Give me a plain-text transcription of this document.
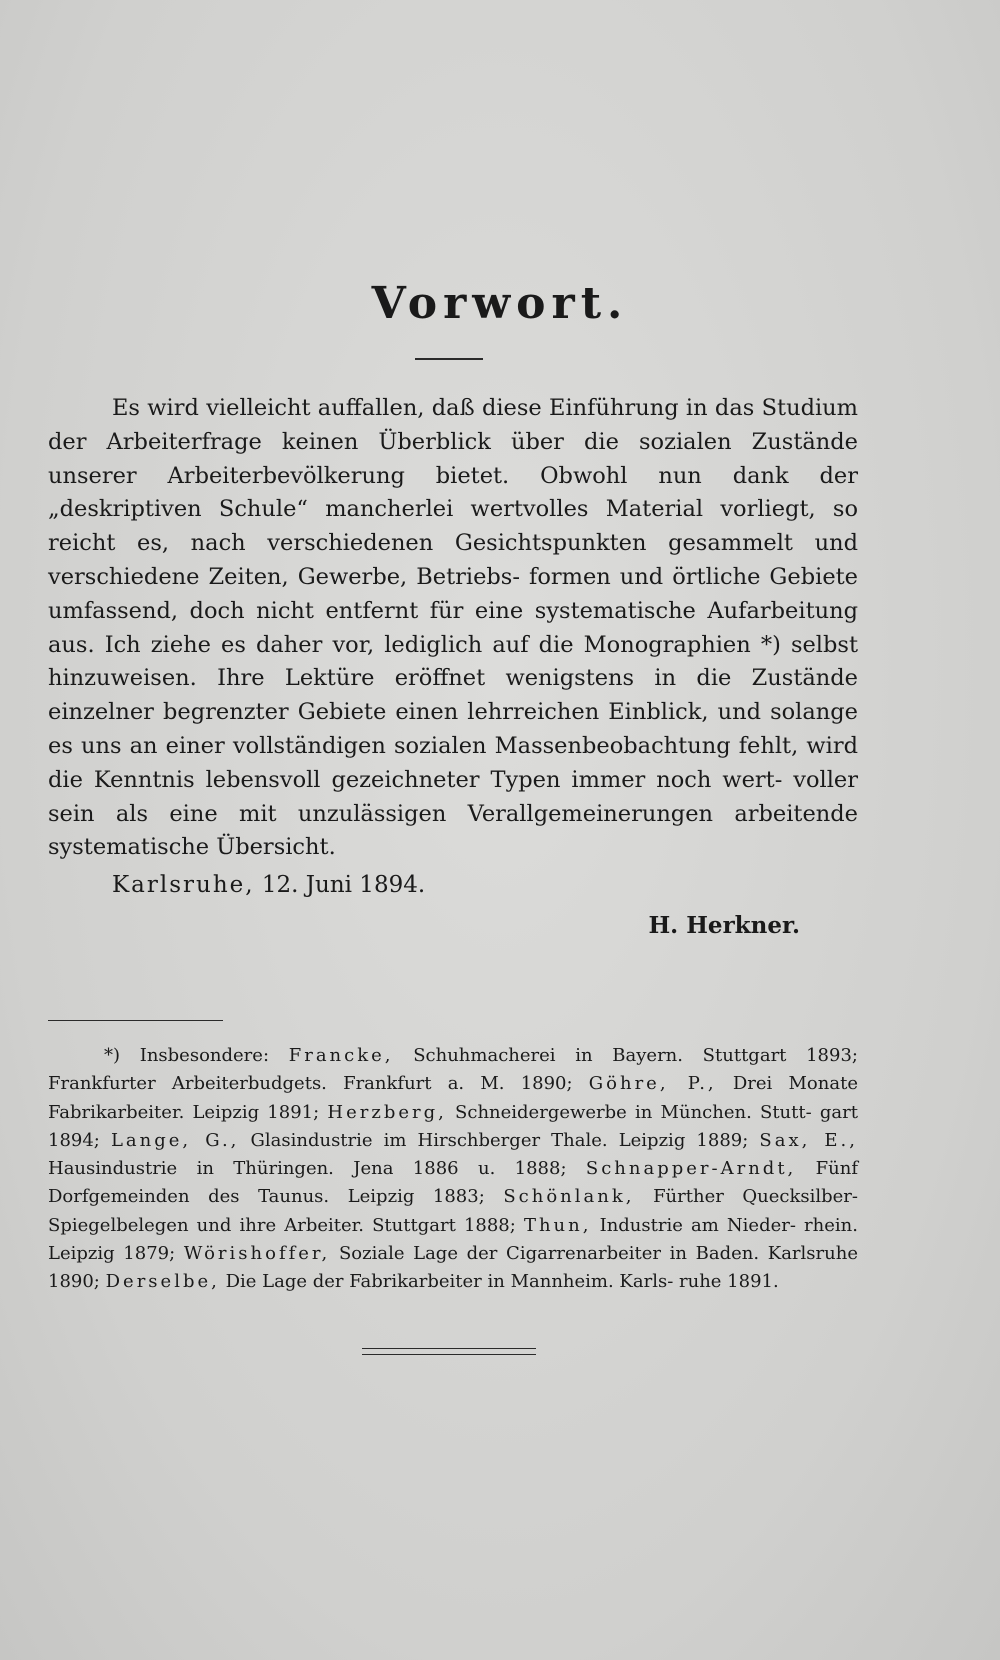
Vorwort.

Es wird vielleicht auffallen, daß diese Einführung in das Studium der Arbeiterfrage keinen Überblick über die sozialen Zustände unserer Arbeiterbevölkerung bietet. Obwohl nun dank der „deskriptiven Schule“ mancherlei wertvolles Material vorliegt, so reicht es, nach verschiedenen Gesichtspunkten gesammelt und verschiedene Zeiten, Gewerbe, Betriebs- formen und örtliche Gebiete umfassend, doch nicht entfernt für eine systematische Aufarbeitung aus. Ich ziehe es daher vor, lediglich auf die Monographien *) selbst hinzuweisen. Ihre Lektüre eröffnet wenigstens in die Zustände einzelner begrenzter Gebiete einen lehrreichen Einblick, und solange es uns an einer vollständigen sozialen Massenbeobachtung fehlt, wird die Kenntnis lebensvoll gezeichneter Typen immer noch wert- voller sein als eine mit unzulässigen Verallgemeinerungen arbeitende systematische Übersicht.

Karlsruhe, 12. Juni 1894.

H. Herkner.

*) Insbesondere: Francke, Schuhmacherei in Bayern. Stuttgart 1893; Frankfurter Arbeiterbudgets. Frankfurt a. M. 1890; Göhre, P., Drei Monate Fabrikarbeiter. Leipzig 1891; Herzberg, Schneidergewerbe in München. Stutt- gart 1894; Lange, G., Glasindustrie im Hirschberger Thale. Leipzig 1889; Sax, E., Hausindustrie in Thüringen. Jena 1886 u. 1888; Schnapper-Arndt, Fünf Dorfgemeinden des Taunus. Leipzig 1883; Schönlank, Fürther Quecksilber- Spiegelbelegen und ihre Arbeiter. Stuttgart 1888; Thun, Industrie am Nieder- rhein. Leipzig 1879; Wörishoffer, Soziale Lage der Cigarrenarbeiter in Baden. Karlsruhe 1890; Derselbe, Die Lage der Fabrikarbeiter in Mannheim. Karls- ruhe 1891.
